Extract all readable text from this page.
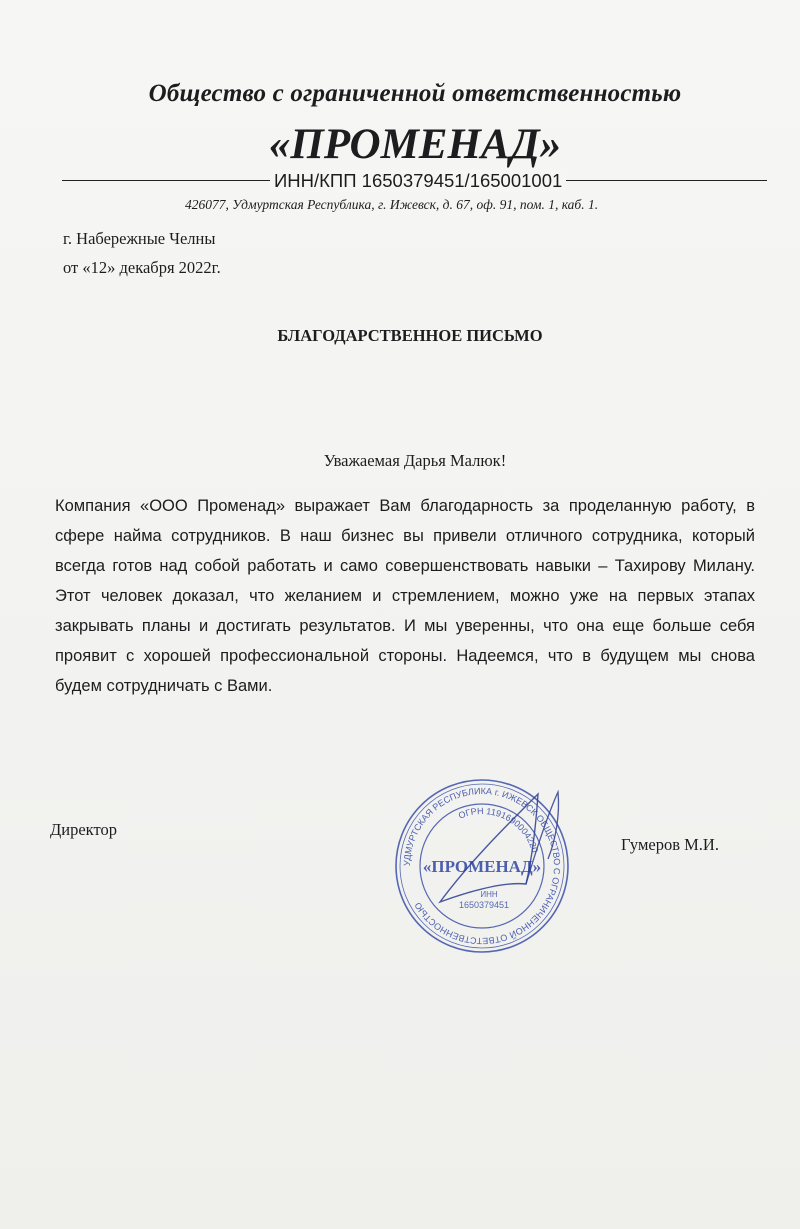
Общество с ограниченной ответственностью
«ПРОМЕНАД»
ИНН/КПП 1650379451/165001001
426077, Удмуртская Республика, г. Ижевск, д. 67, оф. 91, пом. 1, каб. 1.
г. Набережные Челны
от «12» декабря 2022г.
БЛАГОДАРСТВЕННОЕ ПИСЬМО
Уважаемая Дарья Малюк!
Компания «ООО Променад» выражает Вам благодарность за проделанную работу, в сфере найма сотрудников. В наш бизнес вы привели отличного сотрудника, который всегда готов над собой работать и само совершенствовать навыки – Тахирову Милану. Этот человек доказал, что желанием и стремлением, можно уже на первых этапах закрывать планы и достигать результатов. И мы уверенны, что она еще больше себя проявит с хорошей профессиональной стороны. Надеемся, что в будущем мы снова будем сотрудничать с Вами.
Директор
Гумеров М.И.
УДМУРТСКАЯ РЕСПУБЛИКА г. ИЖЕВСК ОБЩЕСТВО С ОГРАНИЧЕННОЙ ОТВЕТСТВЕННОСТЬЮ
ОГРН 1191690004220
«ПРОМЕНАД»
ИНН
1650379451
